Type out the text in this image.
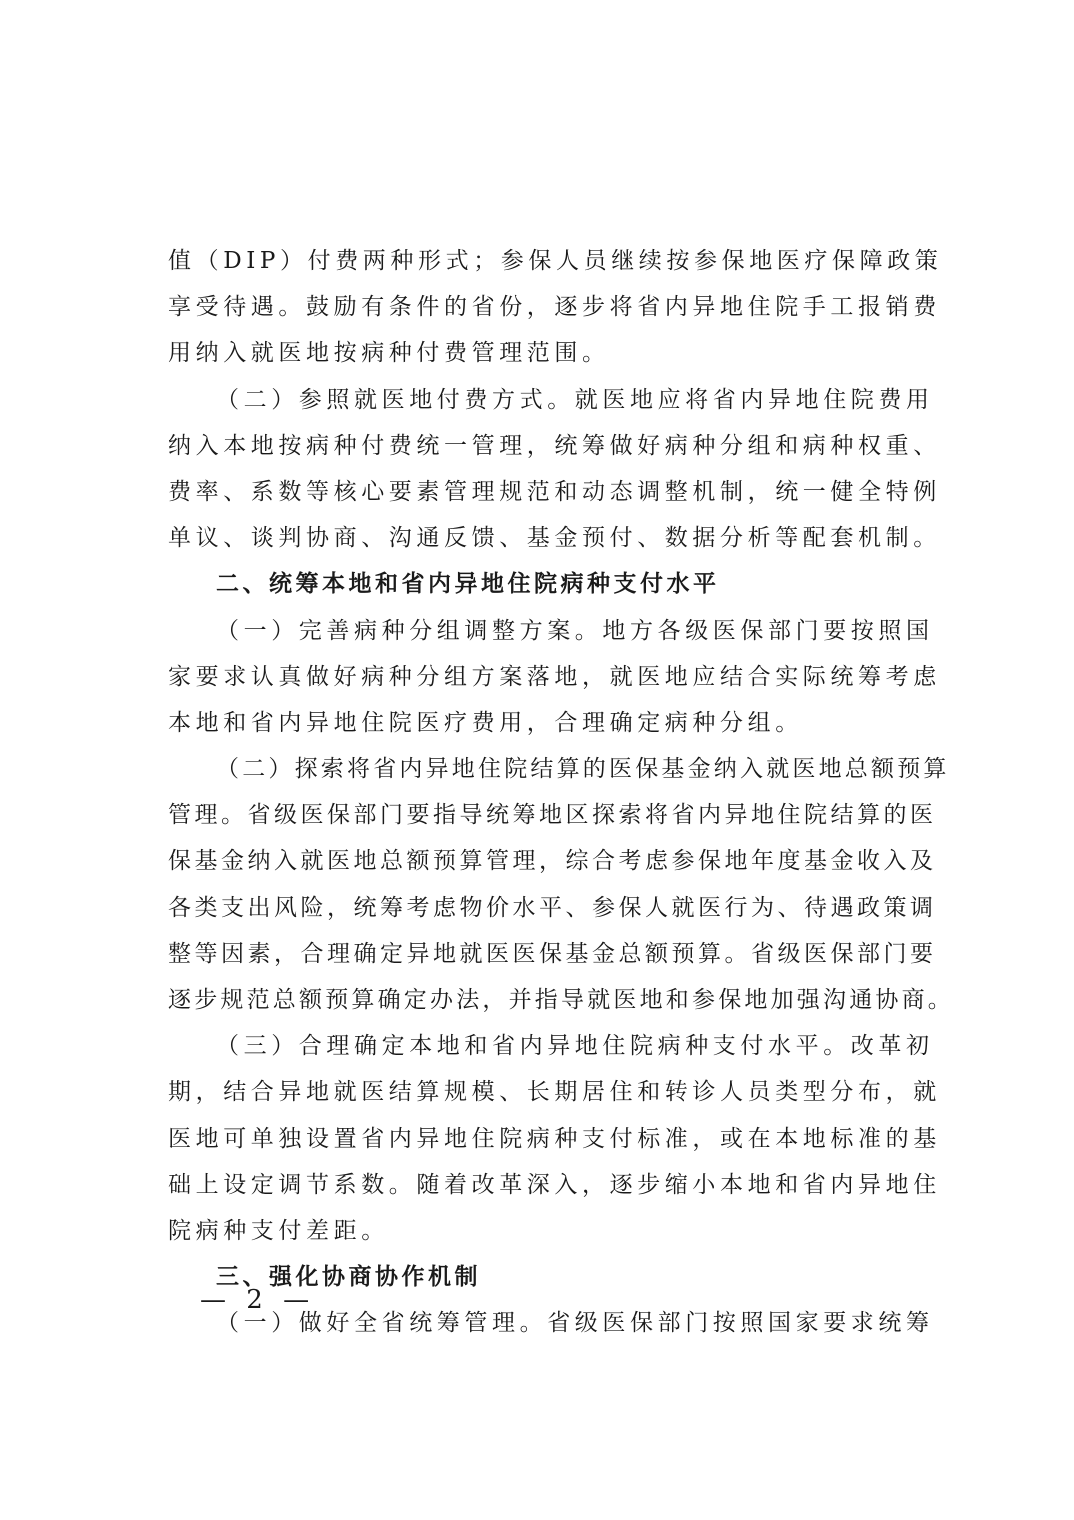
值（DIP）付费两种形式；参保人员继续按参保地医疗保障政策
享受待遇。鼓励有条件的省份，逐步将省内异地住院手工报销费
用纳入就医地按病种付费管理范围。
（二）参照就医地付费方式。就医地应将省内异地住院费用
纳入本地按病种付费统一管理，统筹做好病种分组和病种权重、
费率、系数等核心要素管理规范和动态调整机制，统一健全特例
单议、谈判协商、沟通反馈、基金预付、数据分析等配套机制。
二、统筹本地和省内异地住院病种支付水平
（一）完善病种分组调整方案。地方各级医保部门要按照国
家要求认真做好病种分组方案落地，就医地应结合实际统筹考虑
本地和省内异地住院医疗费用，合理确定病种分组。
（二）探索将省内异地住院结算的医保基金纳入就医地总额预算
管理。省级医保部门要指导统筹地区探索将省内异地住院结算的医
保基金纳入就医地总额预算管理，综合考虑参保地年度基金收入及
各类支出风险，统筹考虑物价水平、参保人就医行为、待遇政策调
整等因素，合理确定异地就医医保基金总额预算。省级医保部门要
逐步规范总额预算确定办法，并指导就医地和参保地加强沟通协商。
（三）合理确定本地和省内异地住院病种支付水平。改革初
期，结合异地就医结算规模、长期居住和转诊人员类型分布，就
医地可单独设置省内异地住院病种支付标准，或在本地标准的基
础上设定调节系数。随着改革深入，逐步缩小本地和省内异地住
院病种支付差距。
三、强化协商协作机制
（一）做好全省统筹管理。省级医保部门按照国家要求统筹
— 2 —
